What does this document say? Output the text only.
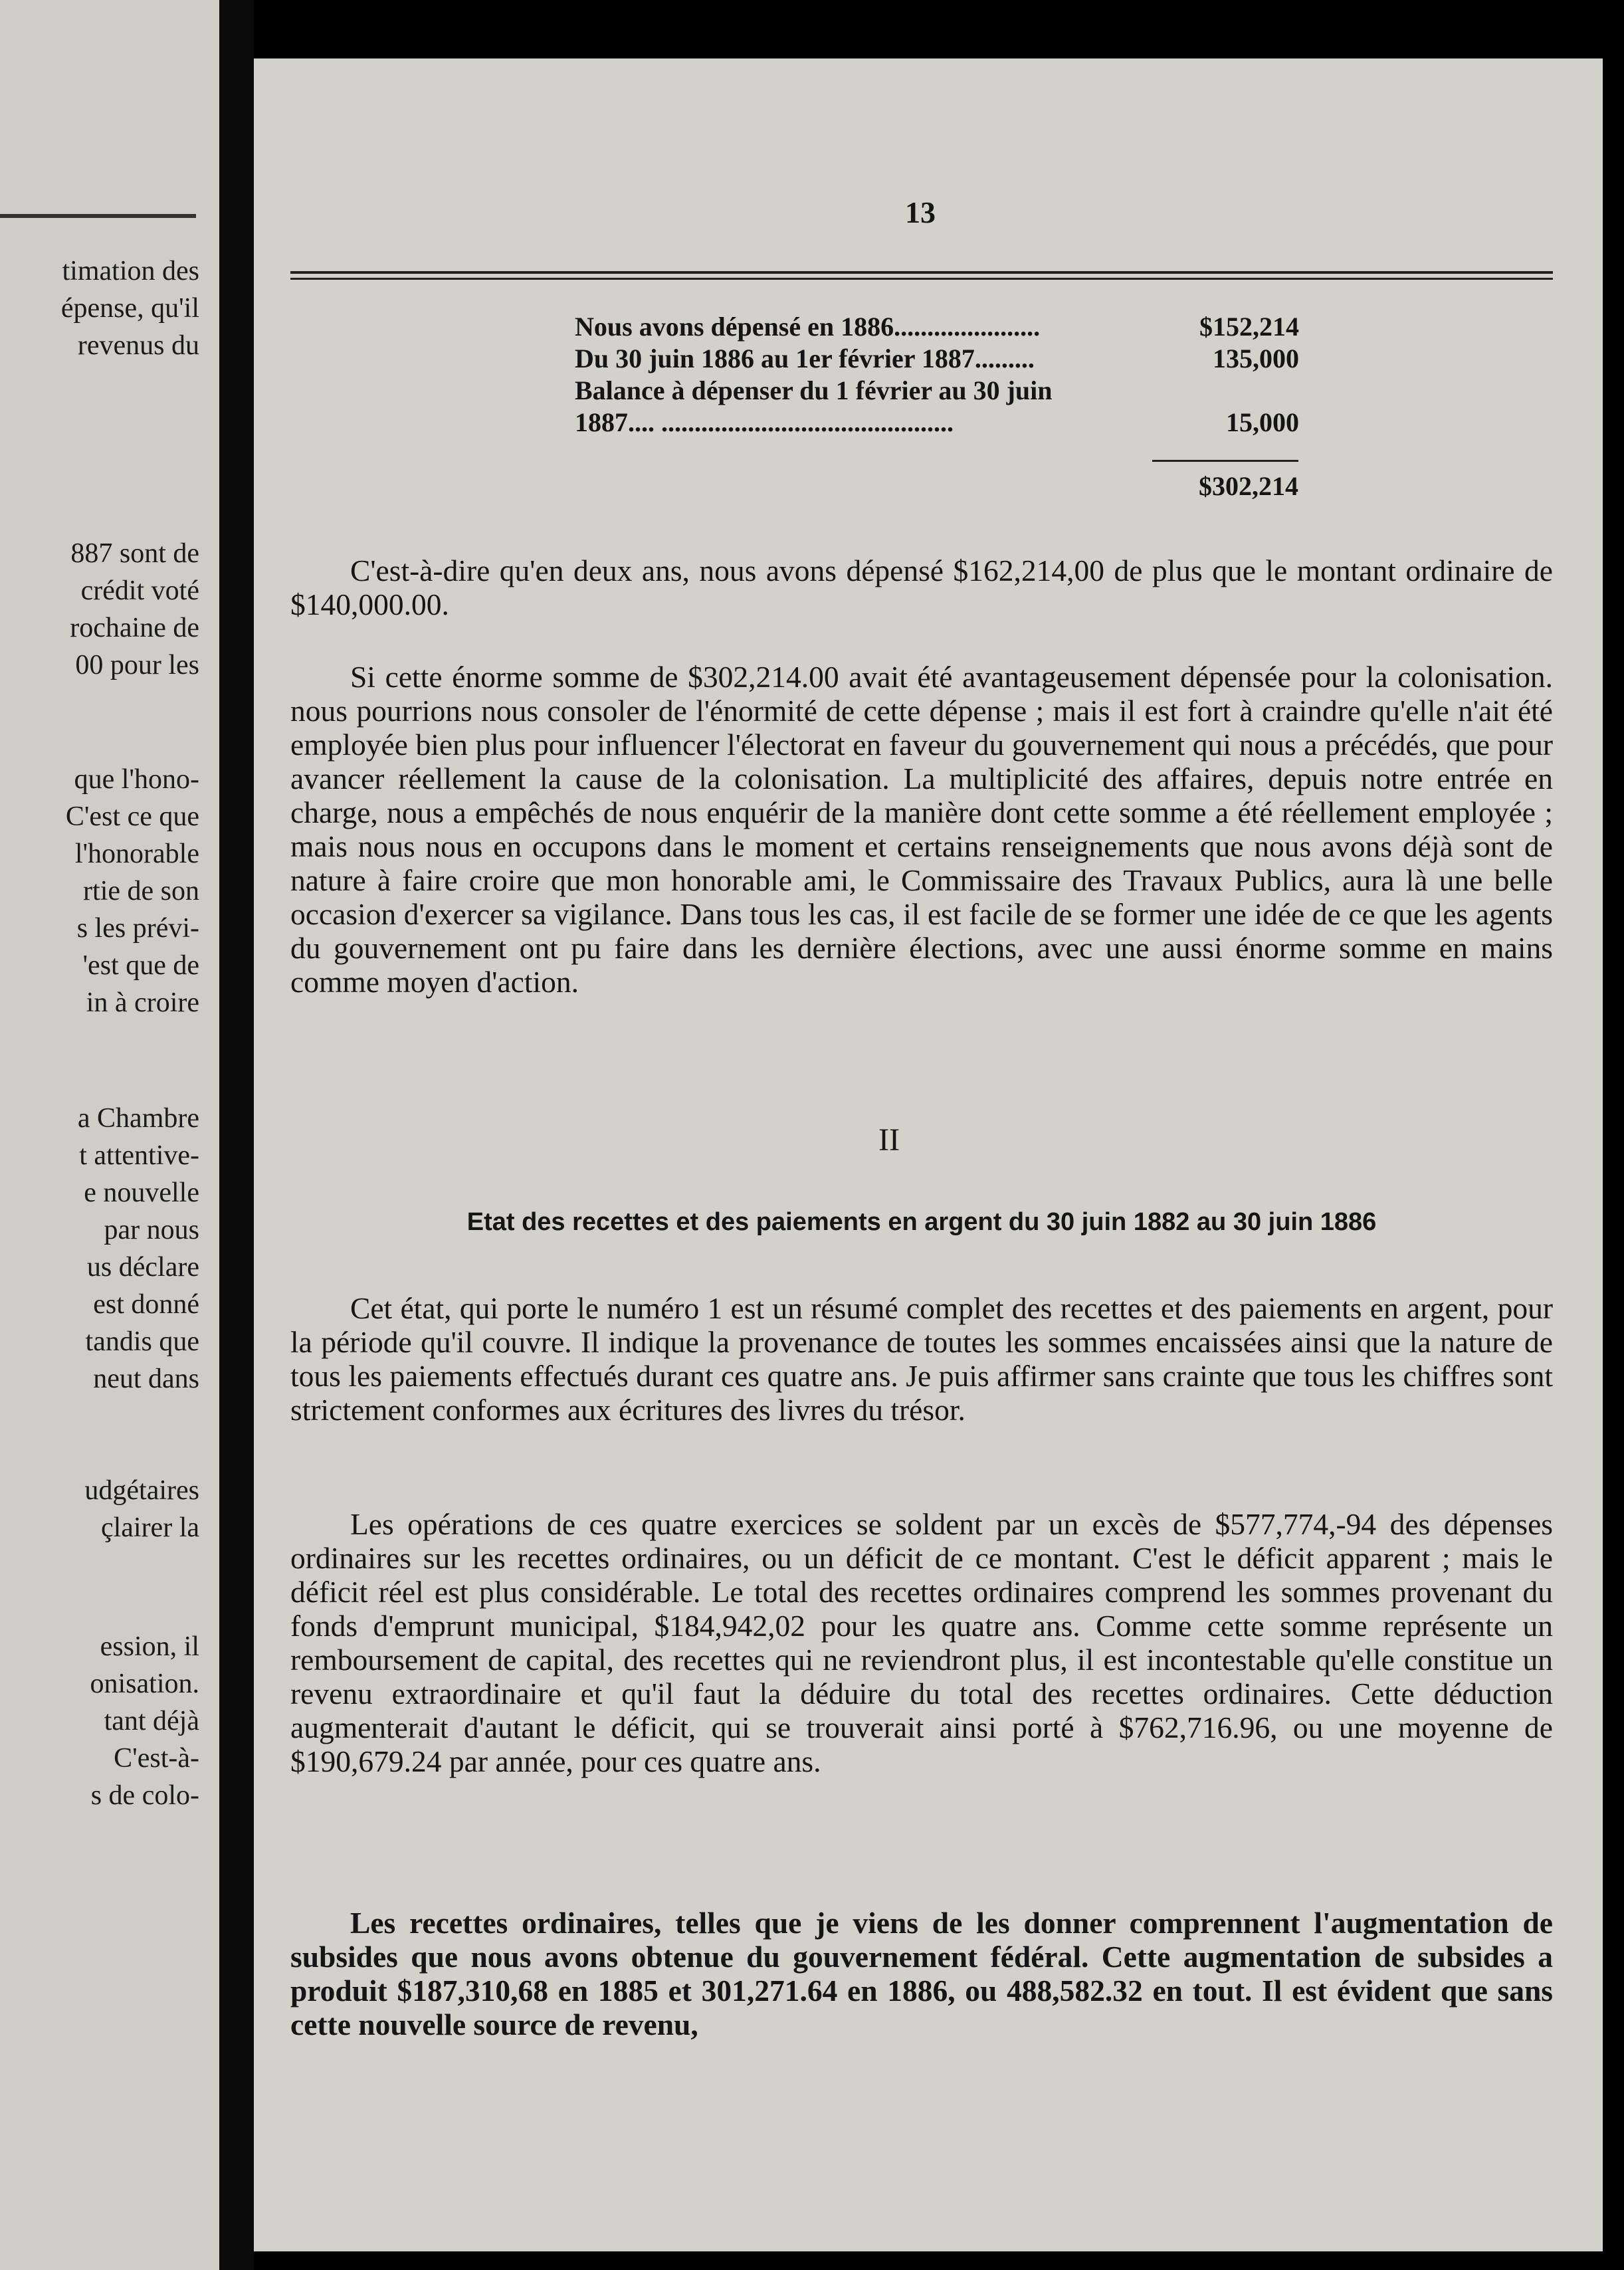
timation des
épense, qu'il
revenus du
887 sont de
crédit voté
rochaine de
00 pour les
que l'hono-
C'est ce que
l'honorable
rtie de son
s les prévi-
'est que de
in à croire
a Chambre
t attentive-
e nouvelle
par nous
us déclare
est donné
tandis que
neut dans
udgétaires
çlairer la
ession, il
onisation.
tant déjà
C'est-à-
s de colo-
13
Nous avons dépensé en 1886......................	$152,214
Du 30 juin 1886 au 1er février 1887.........	135,000
Balance à dépenser du 1 février au 30 juin
1887.... ............................................	15,000
$302,214
C'est-à-dire qu'en deux ans, nous avons dépensé $162,214,00 de plus que le montant ordinaire de $140,000.00.
Si cette énorme somme de $302,214.00 avait été avantageusement dépensée pour la colonisation. nous pourrions nous consoler de l'énormité de cette dépense ; mais il est fort à craindre qu'elle n'ait été employée bien plus pour influencer l'électorat en faveur du gouvernement qui nous a précédés, que pour avancer réellement la cause de la colonisation. La multiplicité des affaires, depuis notre entrée en charge, nous a empêchés de nous enquérir de la manière dont cette somme a été réellement employée ; mais nous nous en occupons dans le moment et certains renseignements que nous avons déjà sont de nature à faire croire que mon honorable ami, le Commissaire des Travaux Publics, aura là une belle occasion d'exercer sa vigilance. Dans tous les cas, il est facile de se former une idée de ce que les agents du gouvernement ont pu faire dans les dernière élections, avec une aussi énorme somme en mains comme moyen d'action.
II
Etat des recettes et des paiements en argent du 30 juin 1882 au 30 juin 1886
Cet état, qui porte le numéro 1 est un résumé complet des recettes et des paiements en argent, pour la période qu'il couvre. Il indique la provenance de toutes les sommes encaissées ainsi que la nature de tous les paiements effectués durant ces quatre ans. Je puis affirmer sans crainte que tous les chiffres sont strictement conformes aux écritures des livres du trésor.
Les opérations de ces quatre exercices se soldent par un excès de $577,774,-94 des dépenses ordinaires sur les recettes ordinaires, ou un déficit de ce montant. C'est le déficit apparent ; mais le déficit réel est plus considérable. Le total des recettes ordinaires comprend les sommes provenant du fonds d'emprunt municipal, $184,942,02 pour les quatre ans. Comme cette somme représente un remboursement de capital, des recettes qui ne reviendront plus, il est incontestable qu'elle constitue un revenu extraordinaire et qu'il faut la déduire du total des recettes ordinaires. Cette déduction augmenterait d'autant le déficit, qui se trouverait ainsi porté à $762,716.96, ou une moyenne de $190,679.24 par année, pour ces quatre ans.
Les recettes ordinaires, telles que je viens de les donner comprennent l'augmentation de subsides que nous avons obtenue du gouvernement fédéral. Cette augmentation de subsides a produit $187,310,68 en 1885 et 301,271.64 en 1886, ou 488,582.32 en tout. Il est évident que sans cette nouvelle source de revenu,
